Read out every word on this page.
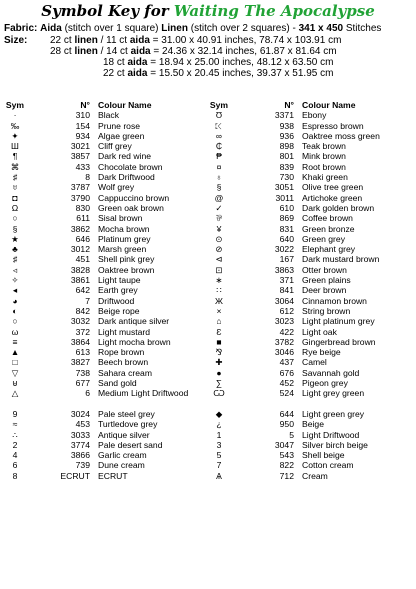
Symbol Key for Waiting The Apocalypse
Fabric: Aida (stitch over 1 square) Linen (stitch over 2 squares) - 341 x 450 Stitches
Size: 22 ct linen / 11 ct aida = 31.00 x 40.91 inches, 78.74 x 103.91 cm
28 ct linen / 14 ct aida = 24.36 x 32.14 inches, 61.87 x 81.64 cm
18 ct aida = 18.94 x 25.00 inches, 48.12 x 63.50 cm
22 ct aida = 15.50 x 20.45 inches, 39.37 x 51.95 cm
Sym	N° Colour Name
·	310 Black
‰	154 Prune rose
✦	934 Algae green
Ш	3021 Cliff grey
¶	3857 Dark red wine
⌘	433 Chocolate brown
♯	8 Dark Driftwood
♅	3787 Wolf grey
◘	3790 Cappuccino brown
Ω	830 Green oak brown
○	611 Sisal brown
§	3862 Mocha brown
★	646 Platinum grey
♣	3012 Marsh green
♯	451 Shell pink grey
◃	3828 Oaktree brown
✧	3861 Light taupe
◂	642 Earth grey
◕	7 Driftwood
◐	842 Beige rope
○	3032 Dark antique silver
ω	372 Light mustard
≡	3864 Light mocha brown
▲	613 Rope brown
□	3827 Beech brown
▽	738 Sahara cream
⊎	677 Sand gold
△	6 Medium Light Driftwood
9	3024 Pale steel grey
≈	453 Turtledove grey
∴	3033 Antique silver
2	3774 Pale desert sand
4	3866 Garlic cream
6	739 Dune cream
8	ECRUT ECRUT
Sym	N° Colour Name
Ʊ	3371 Ebony
⤪	938 Espresso brown
∞	936 Oaktree moss green
₵	898 Teak brown
₱	801 Mink brown
¤	839 Root brown
♁	730 Khaki green
§	3051 Olive tree green
@	3011 Artichoke green
✓	610 Dark golden brown
⅌	869 Coffee brown
¥	831 Green bronze
⊙	640 Green grey
⊘	3022 Elephant grey
⊲	167 Dark mustard brown
⊡	3863 Otter brown
∗	371 Green plains
∷	841 Deer brown
Ж	3064 Cinnamon brown
×	612 String brown
⌂	3023 Light platinum grey
Ɛ	422 Light oak
■	3782 Gingerbread brown
⅋	3046 Rye beige
✚	437 Camel
●	676 Savannah gold
∑	452 Pigeon grey
Ѡ	524 Light grey green
◆	644 Light green grey
¿	950 Beige
1	5 Light Driftwood
3	3047 Silver birch beige
5	543 Shell beige
7	822 Cotton cream
Ѧ	712 Cream
